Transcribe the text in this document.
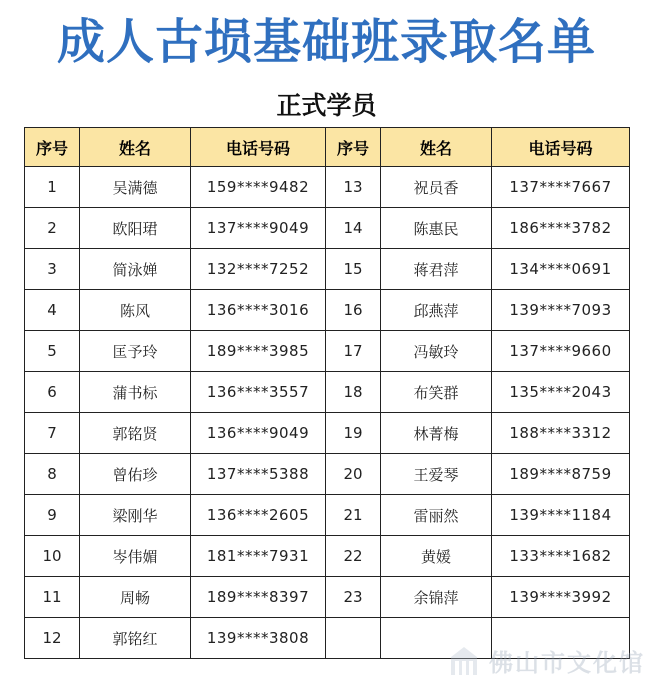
成人古埙基础班录取名单
正式学员
序号	姓名	电话号码	序号	姓名	电话号码
1	吴满德	159****9482	13	祝员香	137****7667
2	欧阳珺	137****9049	14	陈惠民	186****3782
3	简泳婵	132****7252	15	蒋君萍	134****0691
4	陈风	136****3016	16	邱燕萍	139****7093
5	匡予玲	189****3985	17	冯敏玲	137****9660
6	蒲书标	136****3557	18	布笑群	135****2043
7	郭铭贤	136****9049	19	林菁梅	188****3312
8	曾佑珍	137****5388	20	王爱琴	189****8759
9	梁刚华	136****2605	21	雷丽然	139****1184
10	岑伟媚	181****7931	22	黄媛	133****1682
11	周畅	189****8397	23	余锦萍	139****3992
12	郭铭红	139****3808			
佛山市文化馆
